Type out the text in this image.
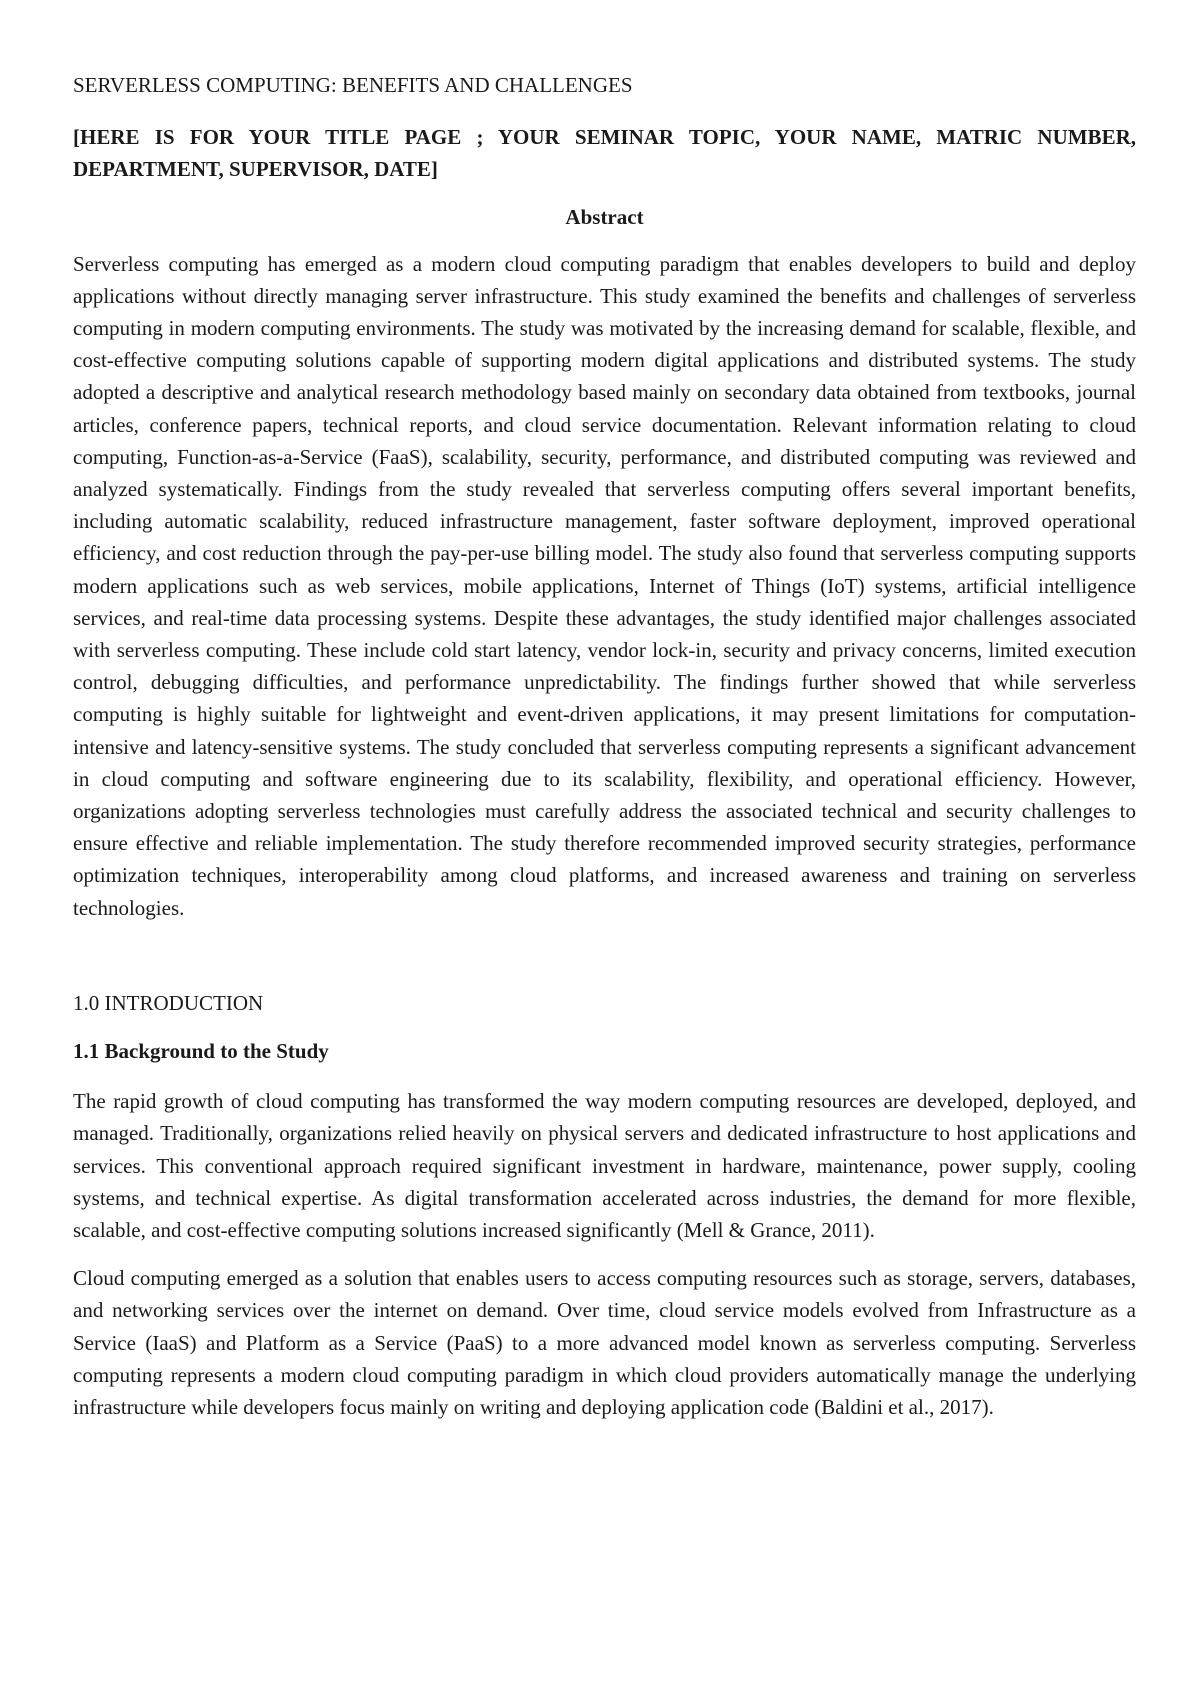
SERVERLESS COMPUTING: BENEFITS AND CHALLENGES

[HERE IS FOR YOUR TITLE PAGE ; YOUR SEMINAR TOPIC, YOUR NAME, MATRIC NUMBER, DEPARTMENT, SUPERVISOR, DATE]

Abstract

Serverless computing has emerged as a modern cloud computing paradigm that enables developers to build and deploy applications without directly managing server infrastructure. This study examined the benefits and challenges of serverless computing in modern computing environments. The study was motivated by the increasing demand for scalable, flexible, and cost-effective computing solutions capable of supporting modern digital applications and distributed systems. The study adopted a descriptive and analytical research methodology based mainly on secondary data obtained from textbooks, journal articles, conference papers, technical reports, and cloud service documentation. Relevant information relating to cloud computing, Function-as-a-Service (FaaS), scalability, security, performance, and distributed computing was reviewed and analyzed systematically. Findings from the study revealed that serverless computing offers several important benefits, including automatic scalability, reduced infrastructure management, faster software deployment, improved operational efficiency, and cost reduction through the pay-per-use billing model. The study also found that serverless computing supports modern applications such as web services, mobile applications, Internet of Things (IoT) systems, artificial intelligence services, and real-time data processing systems. Despite these advantages, the study identified major challenges associated with serverless computing. These include cold start latency, vendor lock-in, security and privacy concerns, limited execution control, debugging difficulties, and performance unpredictability. The findings further showed that while serverless computing is highly suitable for lightweight and event-driven applications, it may present limitations for computation-intensive and latency-sensitive systems. The study concluded that serverless computing represents a significant advancement in cloud computing and software engineering due to its scalability, flexibility, and operational efficiency. However, organizations adopting serverless technologies must carefully address the associated technical and security challenges to ensure effective and reliable implementation. The study therefore recommended improved security strategies, performance optimization techniques, interoperability among cloud platforms, and increased awareness and training on serverless technologies.

1.0 INTRODUCTION
1.1 Background to the Study

The rapid growth of cloud computing has transformed the way modern computing resources are developed, deployed, and managed. Traditionally, organizations relied heavily on physical servers and dedicated infrastructure to host applications and services. This conventional approach required significant investment in hardware, maintenance, power supply, cooling systems, and technical expertise. As digital transformation accelerated across industries, the demand for more flexible, scalable, and cost-effective computing solutions increased significantly (Mell & Grance, 2011).

Cloud computing emerged as a solution that enables users to access computing resources such as storage, servers, databases, and networking services over the internet on demand. Over time, cloud service models evolved from Infrastructure as a Service (IaaS) and Platform as a Service (PaaS) to a more advanced model known as serverless computing. Serverless computing represents a modern cloud computing paradigm in which cloud providers automatically manage the underlying infrastructure while developers focus mainly on writing and deploying application code (Baldini et al., 2017).
